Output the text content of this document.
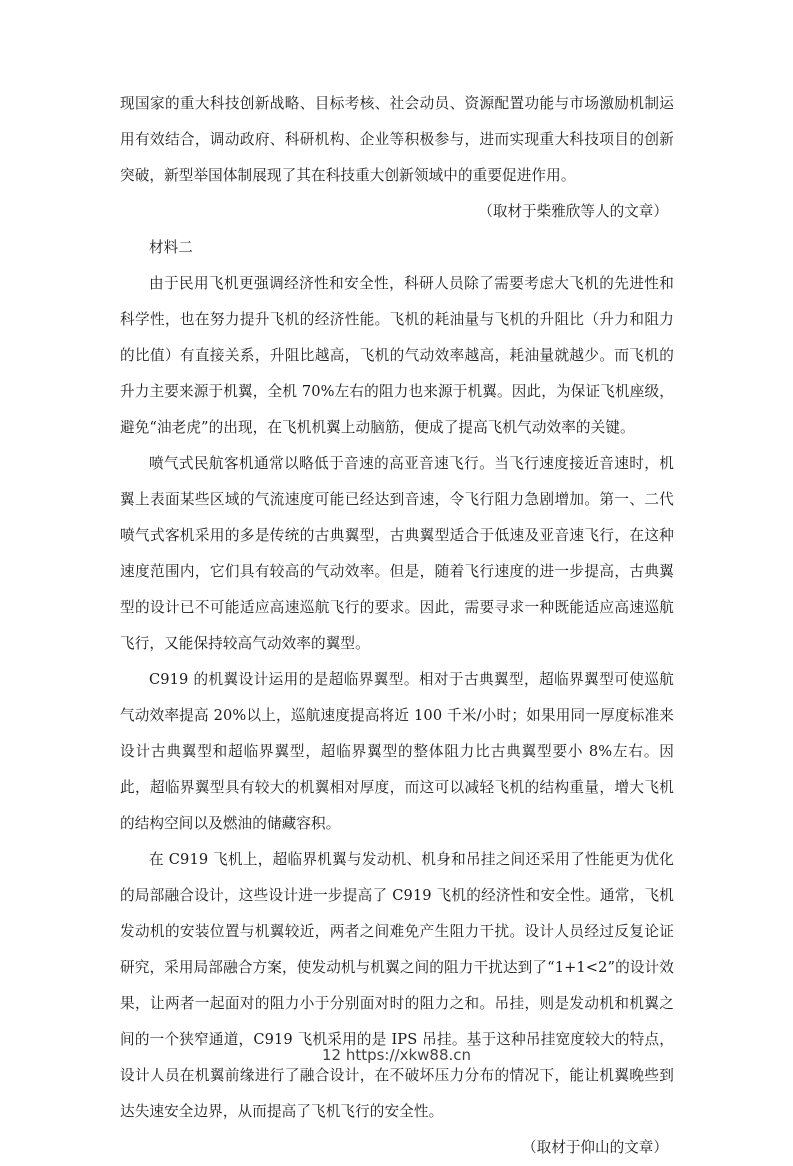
现国家的重大科技创新战略、目标考核、社会动员、资源配置功能与市场激励机制运用有效结合，调动政府、科研机构、企业等积极参与，进而实现重大科技项目的创新突破，新型举国体制展现了其在科技重大创新领域中的重要促进作用。

（取材于柴雅欣等人的文章）

材料二

由于民用飞机更强调经济性和安全性，科研人员除了需要考虑大飞机的先进性和科学性，也在努力提升飞机的经济性能。飞机的耗油量与飞机的升阻比（升力和阻力的比值）有直接关系，升阻比越高，飞机的气动效率越高，耗油量就越少。而飞机的升力主要来源于机翼，全机 70%左右的阻力也来源于机翼。因此，为保证飞机座级，避免“油老虎”的出现，在飞机机翼上动脑筋，便成了提高飞机气动效率的关键。

喷气式民航客机通常以略低于音速的高亚音速飞行。当飞行速度接近音速时，机翼上表面某些区域的气流速度可能已经达到音速，令飞行阻力急剧增加。第一、二代喷气式客机采用的多是传统的古典翼型，古典翼型适合于低速及亚音速飞行，在这种速度范围内，它们具有较高的气动效率。但是，随着飞行速度的进一步提高，古典翼型的设计已不可能适应高速巡航飞行的要求。因此，需要寻求一种既能适应高速巡航飞行，又能保持较高气动效率的翼型。

C919 的机翼设计运用的是超临界翼型。相对于古典翼型，超临界翼型可使巡航气动效率提高 20%以上，巡航速度提高将近 100 千米/小时；如果用同一厚度标准来设计古典翼型和超临界翼型，超临界翼型的整体阻力比古典翼型要小 8%左右。因此，超临界翼型具有较大的机翼相对厚度，而这可以减轻飞机的结构重量，增大飞机的结构空间以及燃油的储藏容积。

在 C919 飞机上，超临界机翼与发动机、机身和吊挂之间还采用了性能更为优化的局部融合设计，这些设计进一步提高了 C919 飞机的经济性和安全性。通常，飞机发动机的安装位置与机翼较近，两者之间难免产生阻力干扰。设计人员经过反复论证研究，采用局部融合方案，使发动机与机翼之间的阻力干扰达到了“1+1<2”的设计效果，让两者一起面对的阻力小于分别面对时的阻力之和。吊挂，则是发动机和机翼之间的一个狭窄通道，C919 飞机采用的是 IPS 吊挂。基于这种吊挂宽度较大的特点，设计人员在机翼前缘进行了融合设计，在不破坏压力分布的情况下，能让机翼晚些到达失速安全边界，从而提高了飞机飞行的安全性。

（取材于仰山的文章）

12 https://xkw88.cn
